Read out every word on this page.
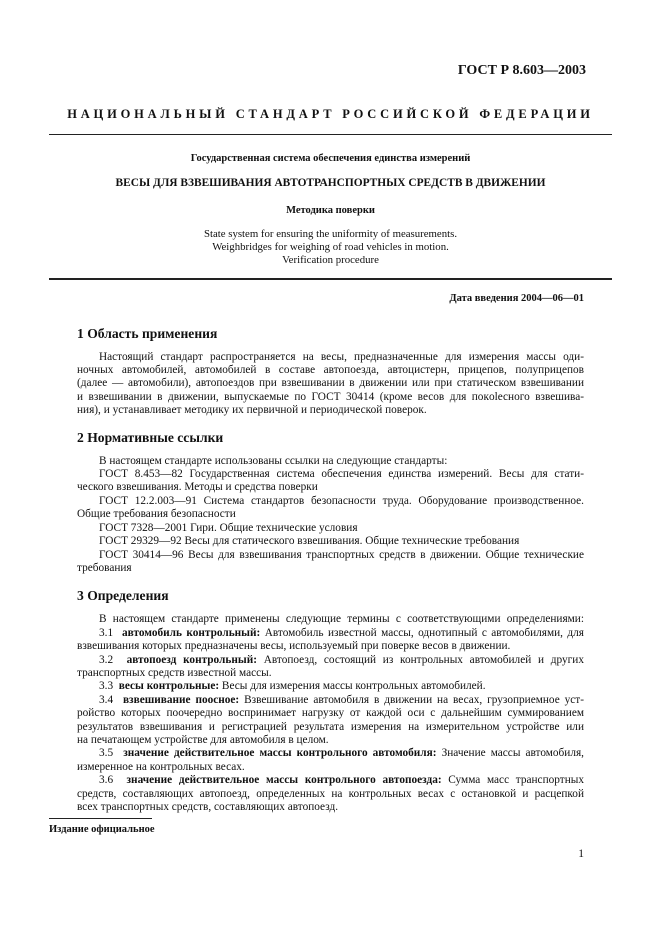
ГОСТ Р 8.603—2003
НАЦИОНАЛЬНЫЙ СТАНДАРТ РОССИЙСКОЙ ФЕДЕРАЦИИ
Государственная система обеспечения единства измерений
ВЕСЫ ДЛЯ ВЗВЕШИВАНИЯ АВТОТРАНСПОРТНЫХ СРЕДСТВ В ДВИЖЕНИИ
Методика поверки
State system for ensuring the uniformity of measurements.
Weighbridges for weighing of road vehicles in motion.
Verification procedure
Дата введения 2004—06—01
1 Область применения
Настоящий стандарт распространяется на весы, предназначенные для измерения массы оди-
ночных автомобилей, автомобилей в составе автопоезда, автоцистерн, прицепов, полуприцепов
(далее — автомобили), автопоездов при взвешивании в движении или при статическом взвешивании
и взвешивании в движении, выпускаемые по ГОСТ 30414 (кроме весов для покolесного взвешива-
ния), и устанавливает методику их первичной и периодической поверок.
2 Нормативные ссылки
В настоящем стандарте использованы ссылки на следующие стандарты:
ГОСТ 8.453—82 Государственная система обеспечения единства измерений. Весы для стати-
ческого взвешивания. Методы и средства поверки
ГОСТ 12.2.003—91 Система стандартов безопасности труда. Оборудование производственное.
Общие требования безопасности
ГОСТ 7328—2001 Гири. Общие технические условия
ГОСТ 29329—92 Весы для статического взвешивания. Общие технические требования
ГОСТ 30414—96 Весы для взвешивания транспортных средств в движении. Общие технические
требования
3 Определения
В настоящем стандарте применены следующие термины с соответствующими определениями:
3.1 автомобиль контрольный: Автомобиль известной массы, однотипный с автомобилями, для
взвешивания которых предназначены весы, используемый при поверке весов в движении.
3.2 автопоезд контрольный: Автопоезд, состоящий из контрольных автомобилей и других
транспортных средств известной массы.
3.3 весы контрольные: Весы для измерения массы контрольных автомобилей.
3.4 взвешивание поосное: Взвешивание автомобиля в движении на весах, грузоприемное уст-
ройство которых поочередно воспринимает нагрузку от каждой оси с дальнейшим суммированием
результатов взвешивания и регистрацией результата измерения на измерительном устройстве или
на печатающем устройстве для автомобиля в целом.
3.5 значение действительное массы контрольного автомобиля: Значение массы автомобиля,
измеренное на контрольных весах.
3.6 значение действительное массы контрольного автопоезда: Сумма масс транспортных
средств, составляющих автопоезд, определенных на контрольных весах с остановкой и расцепкой
всех транспортных средств, составляющих автопоезд.
Издание официальное
1
